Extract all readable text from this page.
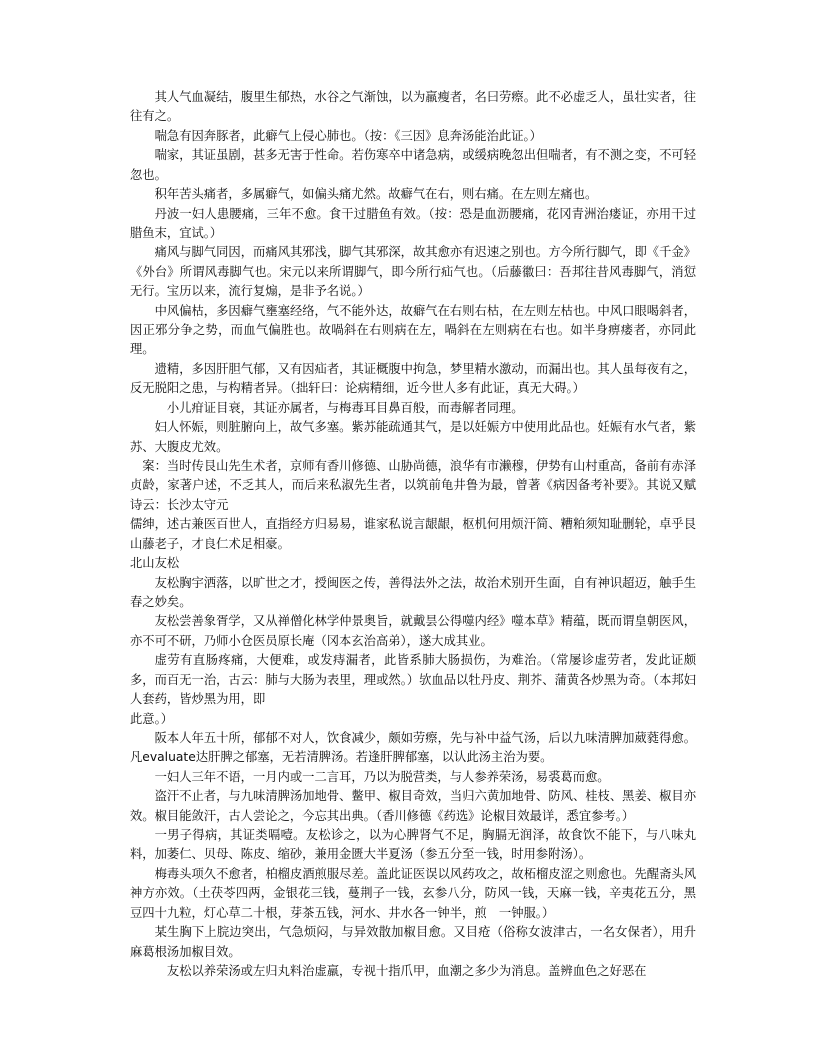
其人气血凝结，腹里生郁热，水谷之气渐蚀，以为羸瘦者，名曰劳瘵。此不必虚乏人，虽壮实者，往往有之。

喘急有因奔豚者，此癖气上侵心肺也。（按：《三因》息奔汤能治此证。）

喘家，其证虽剧，甚多无害于性命。若伤寒卒中诸急病，或缓病晚忽出但喘者，有不测之变，不可轻忽也。

积年苦头痛者，多属癖气，如偏头痛尤然。故癖气在右，则右痛。在左则左痛也。

丹波一妇人患腰痛，三年不愈。食干过腊鱼有效。（按：恐是血沥腰痛，花冈青洲治瘘证，亦用干过腊鱼末，宜试。）

痛风与脚气同因，而痛风其邪浅，脚气其邪深，故其愈亦有迟速之别也。方今所行脚气，即《千金》《外台》所谓风毒脚气也。宋元以来所谓脚气，即今所行疝气也。（后藤徽曰：吾邦往昔风毒脚气，消愆无行。宝历以来，流行复煽，是非予名说。）

中风偏枯，多因癖气壅塞经络，气不能外达，故癖气在右则右枯，在左则左枯也。中风口眼喝斜者，因正邪分争之势，而血气偏胜也。故喎斜在右则病在左，喎斜在左则病在右也。如半身痹瘘者，亦同此理。

遗精，多因肝胆气郁，又有因疝者，其证概腹中拘急，梦里精水激动，而漏出也。其人虽每夜有之，反无脱阳之患，与构精者异。（拙轩曰：论病精细，近今世人多有此证，真无大碍。）

小儿疳证目衰，其证亦属者，与梅毒耳目鼻百般，而毒解者同理。

妇人怀娠，则脏腑向上，故气多塞。紫苏能疏通其气，是以妊娠方中使用此品也。妊娠有水气者，紫苏、大腹皮尤效。

　案：当时传艮山先生术者，京师有香川修德、山胁尚德，浪华有市濑穆，伊势有山村重高，备前有赤泽贞龄，家著户述，不乏其人，而后来私淑先生者，以筑前龟井鲁为最，曾著《病因备考补要》。其说又赋诗云：长沙太守元

儒绅，述古兼医百世人，直指经方归易易，谁家私说言龈龈，枢机何用烦汗简、糟粕须知耻删轮，卓乎艮山藤老子，才良仁术足相豪。

北山友松

友松胸宇洒落，以旷世之才，授闽医之传，善得法外之法，故治术别开生面，自有神识超迈，触手生春之妙矣。

友松尝善象胥学，又从禅僧化林学仲景奥旨，就戴昙公得噬内经》噬本草》精蕴，既而谓皇朝医风，亦不可不研，乃师小仓医员原长庵（冈本玄治高弟），遂大成其业。

虚劳有直肠疼痛，大便难，或发痔漏者，此皆系肺大肠损伤，为难治。（常屡诊虚劳者，发此证颇多，而百无一治，古云：肺与大肠为表里，理或然。）欤血品以牡丹皮、荆芥、蒲黄各炒黑为奇。（本邦妇人套药，皆炒黑为用，即

此意。）

　　阪本人年五十所，郁郁不对人，饮食减少，颇如劳瘵，先与补中益气汤，后以九味清脾加葳蕤得愈。凡evaluate达肝脾之郁塞，无若清脾汤。若逢肝脾郁塞，以认此汤主治为要。

一妇人三年不语，一月内或一二言耳，乃以为脱营类，与人参养荣汤，易裘葛而愈。

盗汗不止者，与九味清脾汤加地骨、鳖甲、椒目奇效，当归六黄加地骨、防风、桂枝、黑姜、椒目亦效。椒目能敛汗，古人尝论之，今忘其出典。（香川修德《药选》论椒目效最详，悉宜参考。）

一男子得病，其证类嗝噎。友松诊之，以为心脾肾气不足，胸膈无润泽，故食饮不能下，与八味丸料，加萎仁、贝母、陈皮、缩砂，兼用金匮大半夏汤（参五分至一钱，时用参附汤）。

梅毒头项久不愈者，柏榴皮酒煎服尽差。盖此证医误以风药攻之，故柘榴皮涩之则愈也。先醒斋头风神方亦效。（土茯苓四两，金银花三钱，蔓荆子一钱，玄参八分，防风一钱，天麻一钱，辛夷花五分，黑豆四十九粒，灯心草二十根，芽茶五钱，河水、井水各一钟半，煎　一钟服。）

某生胸下上脘边突出，气急烦闷，与异效散加椒目愈。又目疮（俗称女波津古，一名女保者），用升麻葛根汤加椒目效。

　友松以养荣汤或左归丸料治虚羸，专视十指爪甲，血潮之多少为消息。盖辨血色之好恶在
